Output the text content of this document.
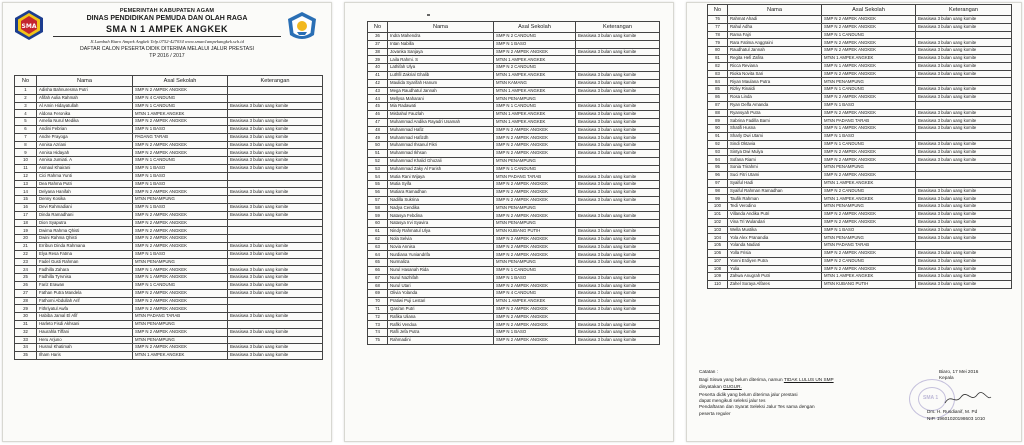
SMA
PEMERINTAH KABUPATEN AGAM
DINAS PENDIDIKAN PEMUDA DAN OLAH RAGA
SMA N 1 AMPEK ANGKEK
Jl.Lambah Biaro Ampek Angkek Telp.0752-427034 www.sman1ampekangkek.sch.id
DAFTAR CALON PESERTA DIDIK DITERIMA MELALUI JALUR PRESTASI
TP 2016 / 2017
No	Nama	Asal Sekolah	Keterangan
1	Adisha Bahnuresma Putri	SMP N 2 AMPEK ANGKEK	
2	Afifah Aulia Rahmah	SMP N 4 CANDUNG	
3	Al Amin Hidayatullah	SMP N 1 CANDUNG	Beasiswa 3 bulan uang komite
4	Aldona Feronika	MTsN 1 AMPEK ANGKEK	
5	Amelia Nurul Medika	SMP N 2 AMPEK ANGKEK	Beasiswa 3 bulan uang komite
6	Andini Febrian	SMP N 1 BASO	Beasiswa 3 bulan uang komite
7	Andre Prayoga	PADANG TARAB	Beasiswa 3 bulan uang komite
8	Annisa Azriani	SMP N 2 AMPEK ANGKEK	Beasiswa 3 bulan uang komite
9	Annisa Hidayah	SMP N 2 AMPEK ANGKEK	Beasiswa 3 bulan uang komite
10	Annisa Jumiati. A	SMP N 1 CANDUNG	Beasiswa 3 bulan uang komite
11	Asmaul Khairani	SMP N 1 BASO	Beasiswa 3 bulan uang komite
12	Cici Rahma Yunti	SMP N 1 BASO	
13	Dea Rahma Putri	SMP N 1 BASO	
14	Delyana Hanifah	SMP N 2 AMPEK ANGKEK	Beasiswa 3 bulan uang komite
15	Denny Kosika	MTsN PENAMPUNG	
16	Devi Rahmadiani	SMP N 1 BASO	Beasiswa 3 bulan uang komite
17	Dinda Ramadhani	SMP N 2 AMPEK ANGKEK	Beasiswa 3 bulan uang komite
18	Dion Syaputra	SMP N 2 AMPEK ANGKEK	
19	Dwima Rahma Qhisti	SMP N 2 AMPEK ANGKEK	
20	Dwini Rahma Qhisti	SMP N 2 AMPEK ANGKEK	
21	Erribun Dinda Rahmana	SMP N 2 AMPEK ANGKEK	Beasiswa 3 bulan uang komite
22	Elya Resa Fatma	SMP N 1 BASO	Beasiswa 3 bulan uang komite
23	Fadel Gusti Rahman	MTsN PENAMPUNG	
24	Fadhilla Zahara	SMP N 1 AMPEK ANGKEK	Beasiswa 3 bulan uang komite
25	Fadhilla Tyrvnisa	SMP N 1 AMPEK ANGKEK	Beasiswa 3 bulan uang komite
26	Fariz Erawan	SMP N 1 CANDUNG	Beasiswa 3 bulan uang komite
27	Fathan Putra Mandela	SMP N 2 AMPEK ANGKEK	Beasiswa 3 bulan uang komite
28	Fathomi Abdullah Arif	SMP N 2 AMPEK ANGKEK	
29	Fithriyatul Awfa	SMP N 2 AMPEK ANGKEK	
30	Habiba Jamal El Afif	MTsN PADANG TARAB	Beasiswa 3 bulan uang komite
31	Harleto Fisdi Akhsani	MTsN PENAMPUNG	
32	Haurahla Tiffani	SMP N 2 AMPEK ANGKEK	Beasiswa 3 bulan uang komite
33	Heru Arjuno	MTsN PENAMPUNG	
34	Husnul Khatimah	SMP N 2 AMPEK ANGKEK	Beasiswa 3 bulan uang komite
35	Ilham Haris	MTsN 1 AMPEK ANGKEK	Beasiswa 3 bulan uang komite
No	Nama	Asal Sekolah	Keterangan
36	Indra Mahendra	SMP N 2 CANDUNG	Beasiswa 3 bulan uang komite
37	Intan Nabilla	SMP N 1 BASO	
38	Jovanka Sanjaya	SMP N 2 AMPEK ANGKEK	Beasiswa 3 bulan uang komite
39	Laila Rahmi. S	MTsN 1 AMPEK ANGKEK	
40	Lathifah Ulya	SMP N 2 CANDUNG	
41	Luthfil Zakrial Ghalib	MTsN 1 AMPEK ANGKEK	Beasiswa 3 bulan uang komite
42	Maulida Syarifah Hanum	MTsN KAMANG	Beasiswa 3 bulan uang komite
43	Mega Raudhatul Jannah	MTsN 1 AMPEK ANGKEK	Beasiswa 3 bulan uang komite
44	Mellysa Maharani	MTsN PENAMPUNG	
45	Mia Radawati	SMP N 1 CANDUNG	Beasiswa 3 bulan uang komite
46	Misbahul Fauzlah	MTsN 1 AMPEK ANGKEK	Beasiswa 3 bulan uang komite
47	Muhammad Andika Rayadri Usamah	MTsN 1 AMPEK ANGKEK	Beasiswa 3 bulan uang komite
48	Muhammad Hafiz	SMP N 2 AMPEK ANGKEK	Beasiswa 3 bulan uang komite
49	Muhammad Hafizdh	SMP N 2 AMPEK ANGKEK	Beasiswa 3 bulan uang komite
50	Muhammad Ihsanul Fikri	SMP N 2 AMPEK ANGKEK	Beasiswa 3 bulan uang komite
51	Muhammad Ikhsan	SMP N 2 AMPEK ANGKEK	Beasiswa 3 bulan uang komite
52	Muhammad Khalid Ghozali	MTsN PENAMPUNG	
53	Muhammad Zaky Al Farish	SMP N 1 CANDUNG	
54	Mutia Rani Wijaya	MTsN PADANG TARAB	Beasiswa 3 bulan uang komite
55	Mutia Syifa	SMP N 2 AMPEK ANGKEK	Beasiswa 3 bulan uang komite
56	Mutiara Ramadhan	SMP N 2 AMPEK ANGKEK	Beasiswa 3 bulan uang komite
57	Nadilla Sukrina	SMP N 2 AMPEK ANGKEK	Beasiswa 3 bulan uang komite
58	Nadya Cendika	MTsN PENAMPUNG	
59	Natasya Febdina	SMP N 2 AMPEK ANGKEK	Beasiswa 3 bulan uang komite
60	Natasya Irvi Syavira	MTsN PENAMPUNG	
61	Nindy Rahmatul Ulya	MTsN KUBANG PUTIH	Beasiswa 3 bulan uang komite
62	Nola Selvia	SMP N 2 AMPEK ANGKEK	Beasiswa 3 bulan uang komite
63	Novia Annisa	SMP N 2 AMPEK ANGKEK	Beasiswa 3 bulan uang komite
64	Nurdiana Yuniandrifa	SMP N 2 AMPEK ANGKEK	Beasiswa 3 bulan uang komite
65	Nurmaliza	MTsN PENAMPUNG	Beasiswa 3 bulan uang komite
66	Nurul Hasanah Rida	SMP N 1 CANDUNG	
67	Nurul Nazhifah	SMP N 1 BASO	Beasiswa 3 bulan uang komite
68	Nurul Utari	SMP N 2 AMPEK ANGKEK	Beasiswa 3 bulan uang komite
69	Olivia Yolanda	SMP N 4 CANDUNG	Beasiswa 3 bulan uang komite
70	Pratiwi Puji Lestari	MTsN 1 AMPEK ANGKEK	Beasiswa 3 bulan uang komite
71	Qasi'an Putri	SMP N 2 AMPEK ANGKEK	Beasiswa 3 bulan uang komite
72	Rafika Uliana	SMP N 2 AMPEK ANGKEK	
73	Raflki Vendoa	SMP N 2 AMPEK ANGKEK	Beasiswa 3 bulan uang komite
74	Rafli Jefa Putra	SMP N 1 BASO	Beasiswa 3 bulan uang komite
75	Rahmadini	SMP N 2 AMPEK ANGKEK	Beasiswa 3 bulan uang komite
No	Nama	Asal Sekolah	Keterangan
76	Rahmat Ahadi	SMP N 2 AMPEK ANGKEK	Beasiswa 3 bulan uang komite
77	Rahul Adha	SMP N 2 AMPEK ANGKEK	Beasiswa 3 bulan uang komite
78	Rama Fajri	SMP N 1 CANDUNG	
79	Rara Fatima Anggraini	SMP N 2 AMPEK ANGKEK	Beasiswa 3 bulan uang komite
80	Raudhatul Jannah	SMP N 2 AMPEK ANGKEK	Beasiswa 3 bulan uang komite
81	Regita Hefi Zafira	MTsN 1 AMPEK ANGKEK	Beasiswa 3 bulan uang komite
82	Ricca Reviana	SMP N 1 AMPEK ANGKEK	Beasiswa 3 bulan uang komite
83	Rioka Novita Sari	SMP N 2 AMPEK ANGKEK	Beasiswa 3 bulan uang komite
84	Riyan Maulana Putra	MTsN PENAMPUNG	
85	Rizky Rinaldi	SMP N 1 CANDUNG	Beasiswa 3 bulan uang komite
86	Rosa Linda	SMP N 2 AMPEK ANGKEK	Beasiswa 3 bulan uang komite
87	Ryan Delfa Amanda	SMP N 1 BASO	
88	Ryansyah Putra	SMP N 2 AMPEK ANGKEK	Beasiswa 3 bulan uang komite
89	Sabrina Fadilla Barni	MTsN PADANG TARAB	Beasiswa 3 bulan uang komite
90	Shatifi Husna	SMP N 1 AMPEK ANGKEK	Beasiswa 3 bulan uang komite
91	Sharly Dwi Utami	SMP N 1 BASO	
92	Sindi Oktavia	SMP N 1 CANDUNG	Beasiswa 3 bulan uang komite
93	Sintya Dwi Mulya	SMP N 2 AMPEK ANGKEK	Beasiswa 3 bulan uang komite
94	Sofana Riami	SMP N 2 AMPEK ANGKEK	Beasiswa 3 bulan uang komite
95	Sonia Trirahmi	MTsN PENAMPUNG	
96	Suci Fitri Utami	SMP N 2 AMPEK ANGKEK	
97	Syaiful Hadi	MTsN 1 AMPEK ANGKEK	
98	Syaiful Rahman Ramadhan	SMP N 2 CANDUNG	Beasiswa 3 bulan uang komite
99	Taufik Rahman	MTsN 1 AMPEK ANGKEK	Beasiswa 3 bulan uang komite
100	Tedi Verodino	MTsN PENAMPUNG	Beasiswa 3 bulan uang komite
101	Villanda Andika Putri	SMP N 2 AMPEK ANGKEK	Beasiswa 3 bulan uang komite
102	Vina Tri Wulandari	SMP N 2 AMPEK ANGKEK	Beasiswa 3 bulan uang komite
103	Wella Mustika	SMP N 1 BASO	Beasiswa 3 bulan uang komite
104	Yola Alex Pranandia	MTsN PENAMPUNG	Beasiswa 3 bulan uang komite
105	Yolanda Nadiati	MTsN PADANG TARAB	
106	Yolla Frisia	SMP N 2 AMPEK ANGKEK	Beasiswa 3 bulan uang komite
107	Yonni Erdiyen Putra	SMP N 2 CANDUNG	Beasiswa 3 bulan uang komite
108	Yulia	SMP N 2 AMPEK ANGKEK	Beasiswa 3 bulan uang komite
109	Zahwa Anugrah Putri	MTsN 1 AMPEK ANGKEK	Beasiswa 3 bulan uang komite
110	Zahel Soraya Alfares	MTsN KUBANG PUTIH	Beasiswa 3 bulan uang komite

Catatan :

Bagi Siswa yang belum diterima, namun TIDAK LULUS UN SMP
dinyatakan GUGUR.

Peserta didik yang belum diterima jalur prestasi
dapat mengikuti seleksi jalur tes
Pendaftaran dan Syarat Seleksi Jalur Tes sama dengan
peserta reguler

Biaro, 17 Mei 2016
Kepala
SMA 1
Drs. H. Rusdianif, M. Pd
NIP. 19601020198603 1010
